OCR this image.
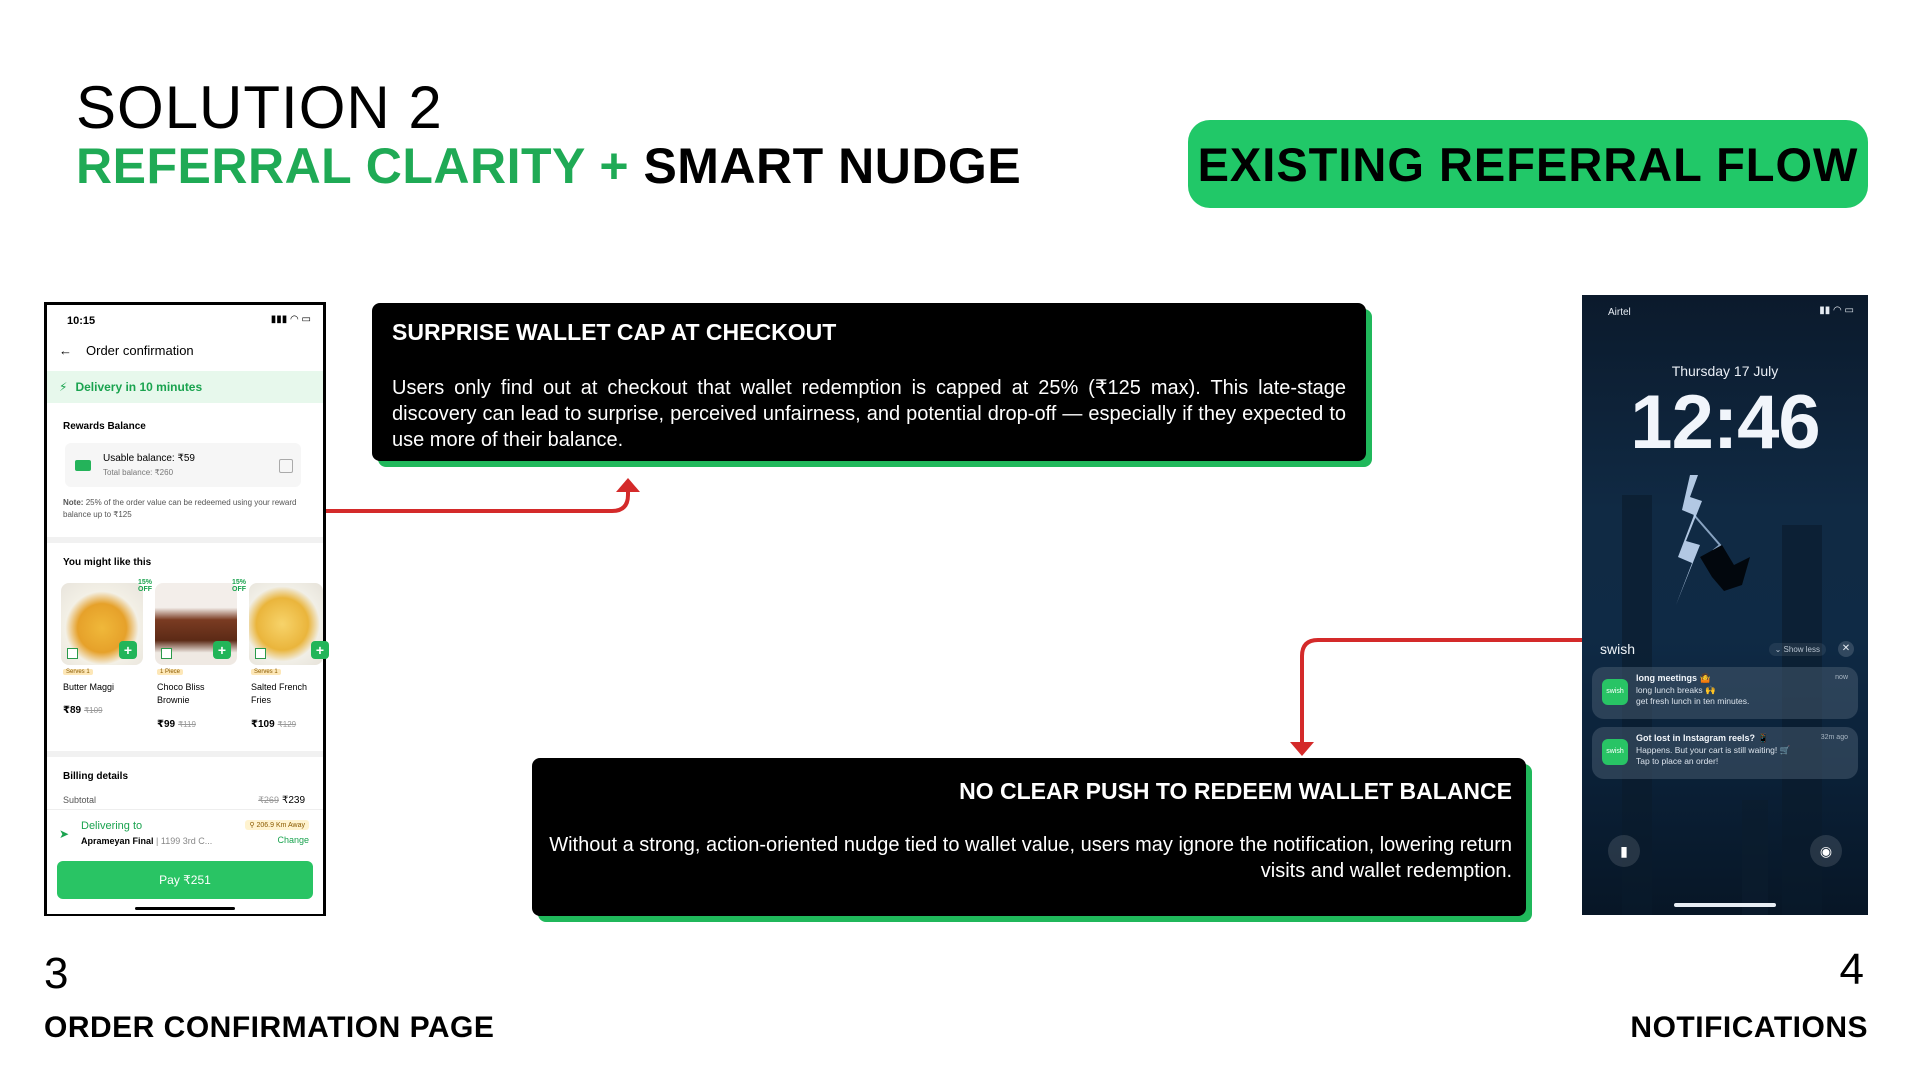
SOLUTION 2
REFERRAL CLARITY + SMART NUDGE	EXISTING REFERRAL FLOW
SURPRISE WALLET CAP AT CHECKOUT
Users only find out at checkout that wallet redemption is capped at 25% (₹125 max). This late-stage discovery can lead to surprise, perceived unfairness, and potential drop-off — especially if they expected to use more of their balance.
NO CLEAR PUSH TO REDEEM WALLET BALANCE
Without a strong, action-oriented nudge tied to wallet value, users may ignore the notification, lowering return visits and wallet redemption.
10:15	▮▮▮ ◠ ▭
← Order confirmation
⚡ Delivery in 10 minutes
Rewards Balance
Usable balance: ₹59
Total balance: ₹260
Note: 25% of the order value can be redeemed using your reward balance up to ₹125
You might like this
+	+	+
15% OFF
15% OFF
Serves 1	1 Piece	Serves 1
Butter Maggi	Choco Bliss Brownie
Salted French Fries
₹89 ₹109
₹99 ₹119	₹109 ₹129
Billing details
Subtotal	₹269 ₹239
➤
Delivering to
Aprameyan Final | 1199 3rd C...
⚲ 206.9 Km Away
Change
Pay ₹251
Airtel	▮▮ ◠ ▭
Thursday 17 July
12:46
swish	⌄ Show less	✕
swish
long meetings 🤷
long lunch breaks 🙌
get fresh lunch in ten minutes.
now
swish
Got lost in Instagram reels? 📱
Happens. But your cart is still waiting! 🛒
Tap to place an order!
32m ago
▮	◉
3
ORDER CONFIRMATION PAGE
4
NOTIFICATIONS
